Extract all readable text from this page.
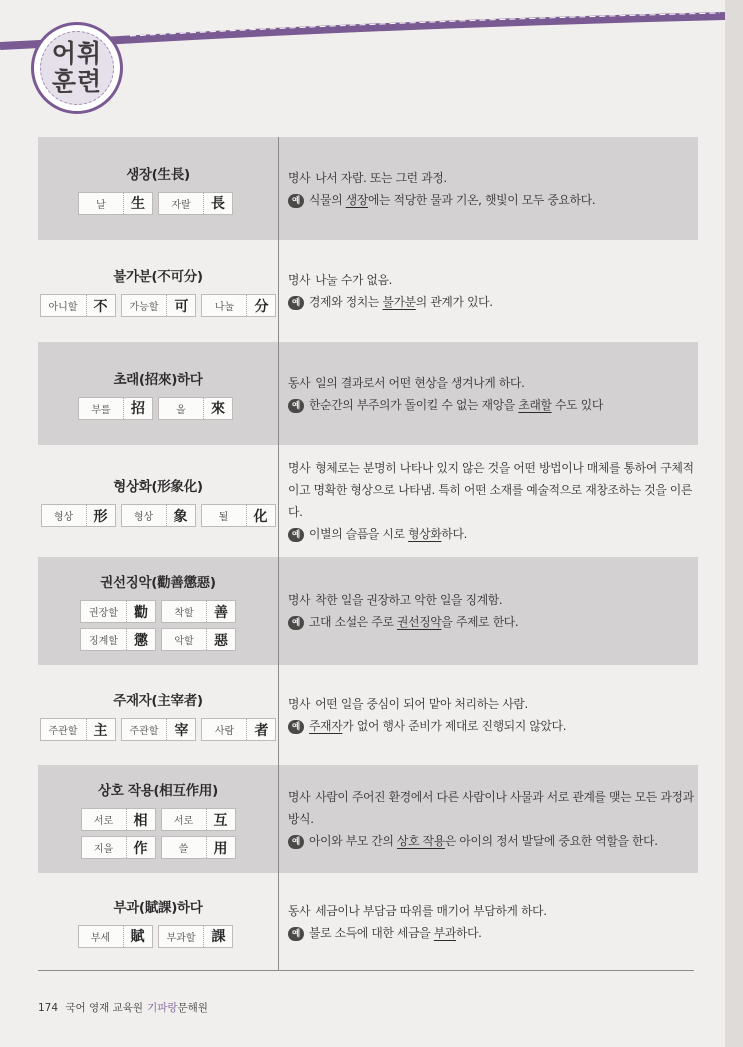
어휘
훈련
생장(生長)
날	生	자랄	長
명사 나서 자람. 또는 그런 과정.
예 식물의 생장에는 적당한 물과 기온, 햇빛이 모두 중요하다.
불가분(不可分)
아니할	不	가능할	可	나눌	分
명사 나눌 수가 없음.
예 경제와 정치는 불가분의 관계가 있다.
초래(招來)하다
부를	招	올	來
동사 일의 결과로서 어떤 현상을 생겨나게 하다.
예 한순간의 부주의가 돌이킬 수 없는 재앙을 초래할 수도 있다
형상화(形象化)
형상	形	형상	象	될	化
명사 형체로는 분명히 나타나 있지 않은 것을 어떤 방법이나 매체를 통하여 구체적이고 명확한 형상으로 나타냄. 특히 어떤 소재를 예술적으로 재창조하는 것을 이른다.
예 이별의 슬픔을 시로 형상화하다.
권선징악(勸善懲惡)
권장할	勸	착할	善
징계할	懲	악할	惡
명사 착한 일을 권장하고 악한 일을 징계함.
예 고대 소설은 주로 권선징악을 주제로 한다.
주재자(主宰者)
주관할	主	주관할	宰	사람	者
명사 어떤 일을 중심이 되어 맡아 처리하는 사람.
예 주재자가 없어 행사 준비가 제대로 진행되지 않았다.
상호 작용(相互作用)
서로	相	서로	互
지을	作	쓸	用
명사 사람이 주어진 환경에서 다른 사람이나 사물과 서로 관계를 맺는 모든 과정과 방식.
예 아이와 부모 간의 상호 작용은 아이의 정서 발달에 중요한 역할을 한다.
부과(賦課)하다
부세	賦	부과할	課
동사 세금이나 부담금 따위를 매기어 부담하게 하다.
예 불로 소득에 대한 세금을 부과하다.
174 국어 영재 교육원 기파랑문해원
